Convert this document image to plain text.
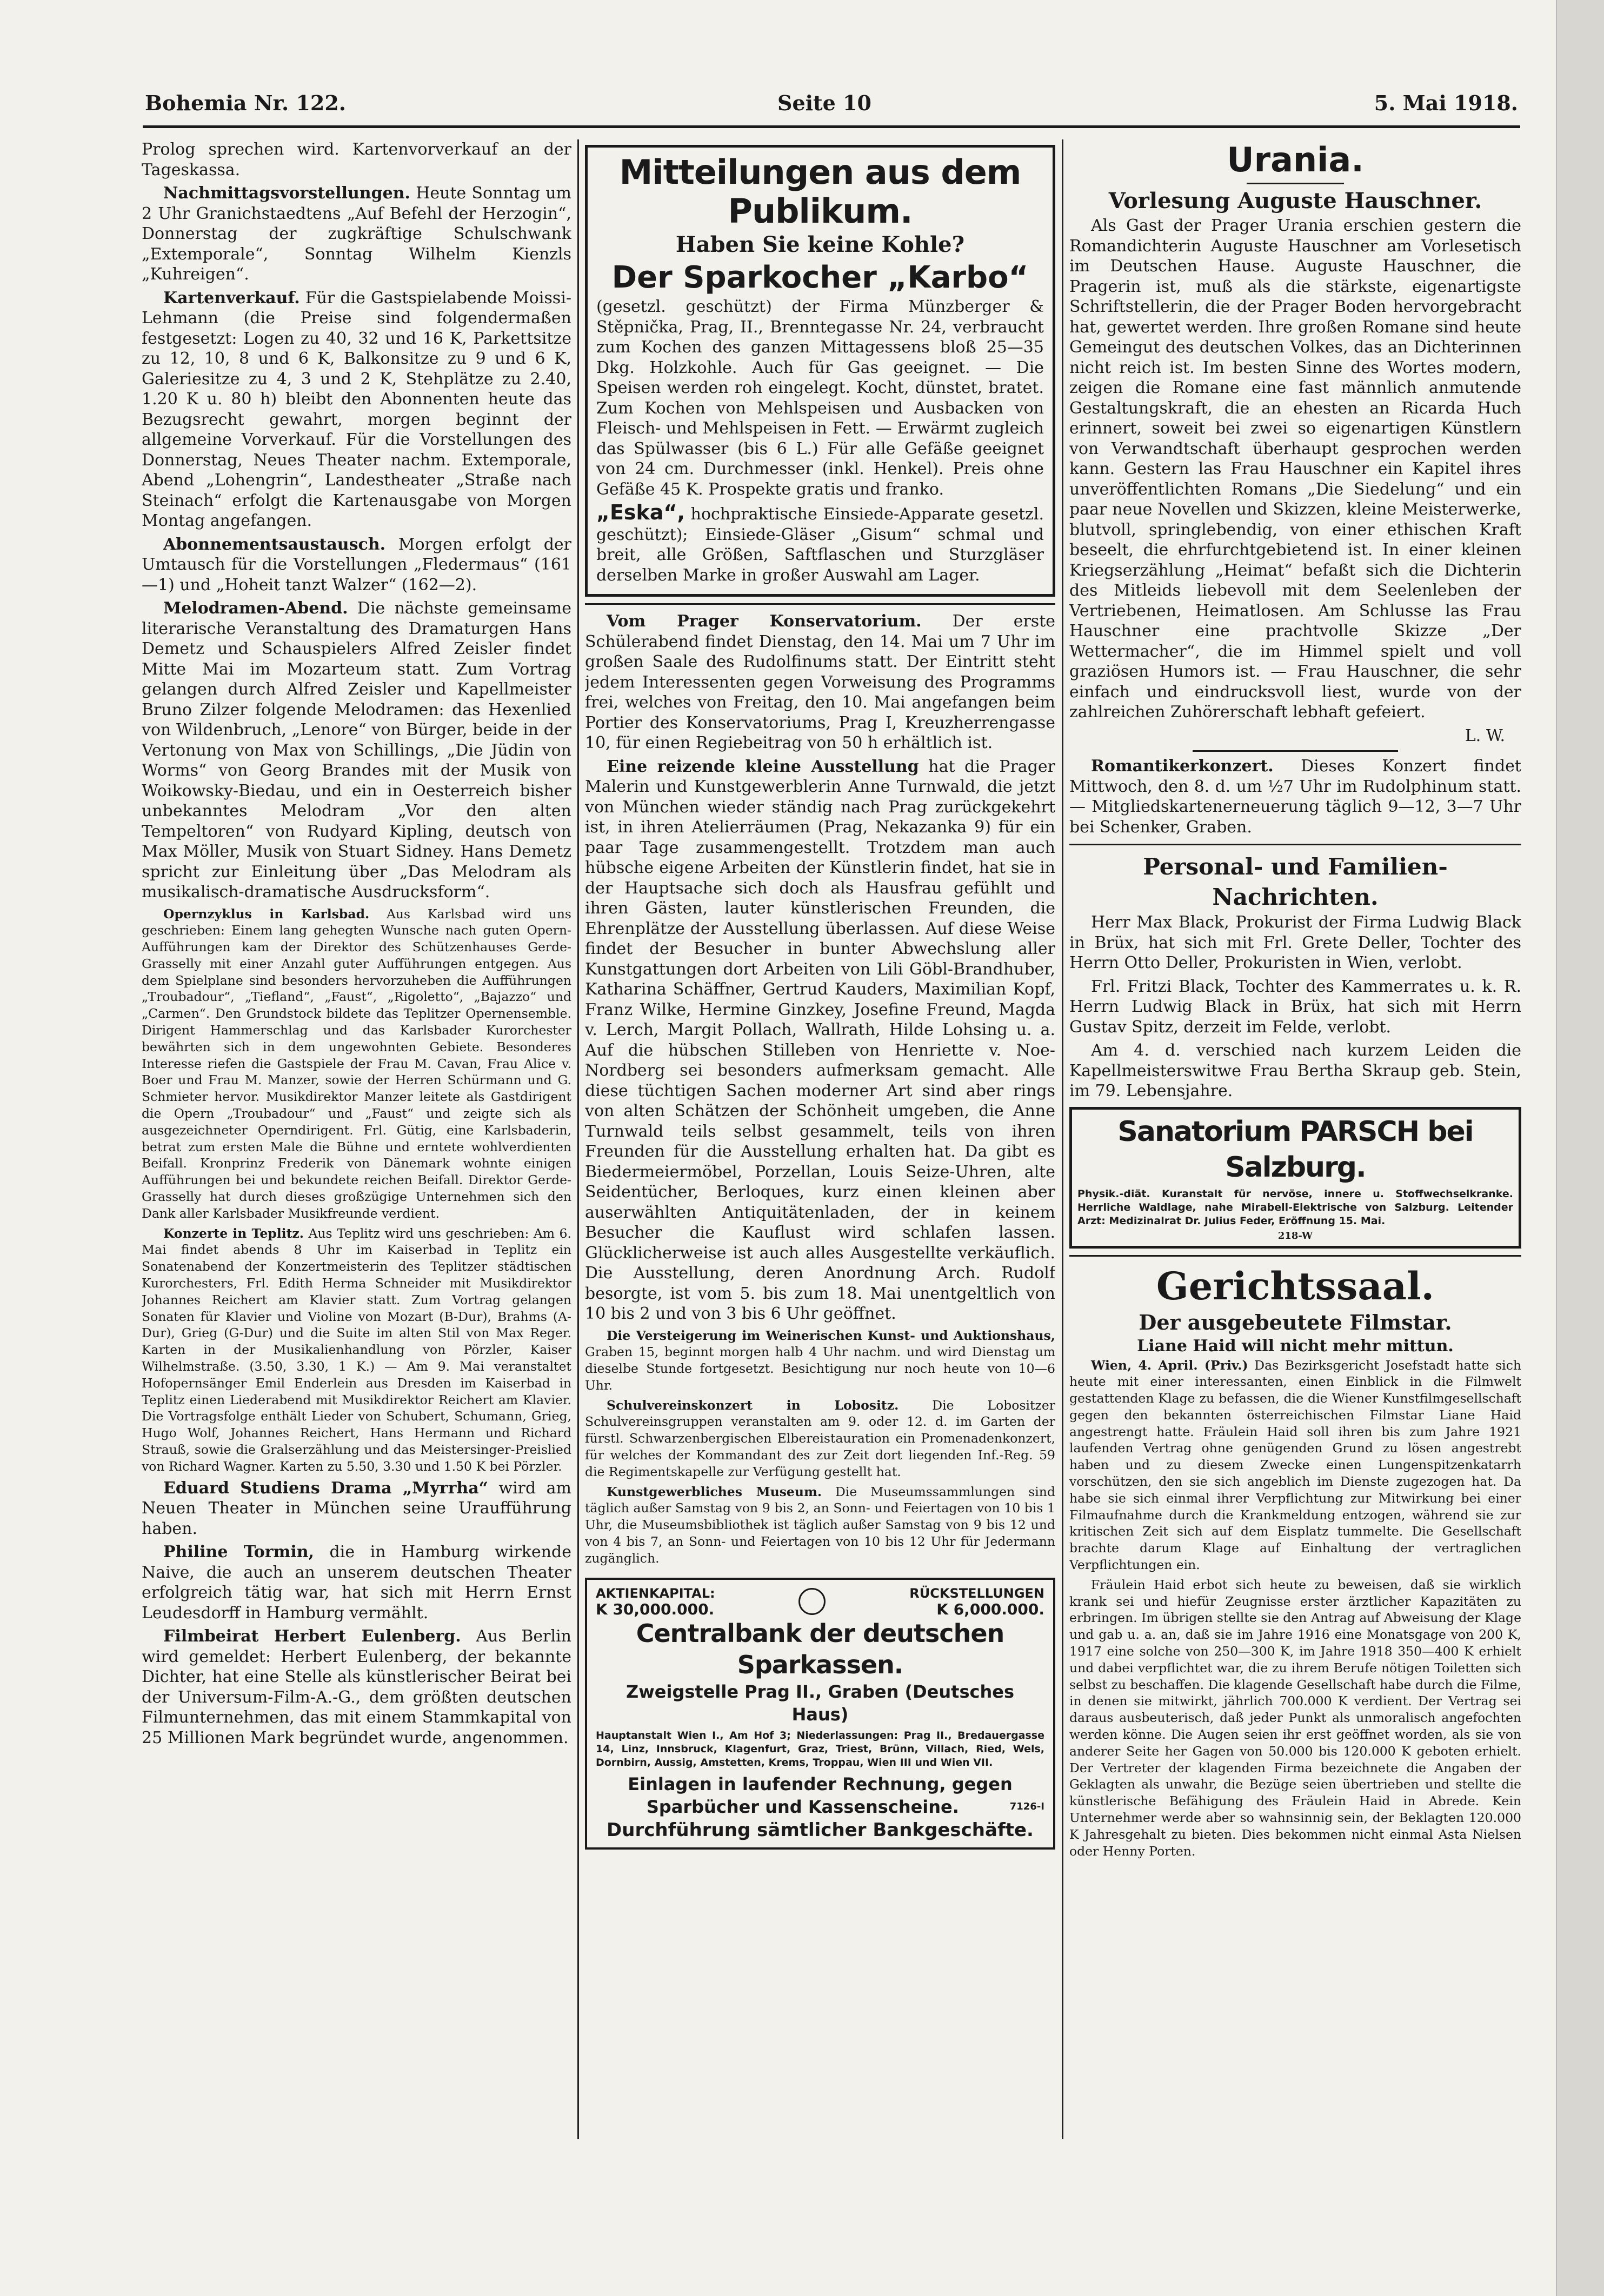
Bohemia Nr. 122.	Seite 10	5. Mai 1918.

Prolog sprechen wird. Kartenvorverkauf an der Tageskassa.

Nachmittagsvorstellungen. Heute Sonntag um 2 Uhr Granichstaedtens „Auf Befehl der Herzogin“, Donnerstag der zugkräftige Schulschwank „Extemporale“, Sonntag Wilhelm Kienzls „Kuhreigen“.

Kartenverkauf. Für die Gastspielabende Moissi-Lehmann (die Preise sind folgendermaßen festgesetzt: Logen zu 40, 32 und 16 K, Parkettsitze zu 12, 10, 8 und 6 K, Balkonsitze zu 9 und 6 K, Galeriesitze zu 4, 3 und 2 K, Stehplätze zu 2.40, 1.20 K u. 80 h) bleibt den Abonnenten heute das Bezugsrecht gewahrt, morgen beginnt der allgemeine Vorverkauf. Für die Vorstellungen des Donnerstag, Neues Theater nachm. Extemporale, Abend „Lohengrin“, Landestheater „Straße nach Steinach“ erfolgt die Kartenausgabe von Morgen Montag angefangen.

Abonnementsaustausch. Morgen erfolgt der Umtausch für die Vorstellungen „Fledermaus“ (161—1) und „Hoheit tanzt Walzer“ (162—2).

Melodramen-Abend. Die nächste gemeinsame literarische Veranstaltung des Dramaturgen Hans Demetz und Schauspielers Alfred Zeisler findet Mitte Mai im Mozarteum statt. Zum Vortrag gelangen durch Alfred Zeisler und Kapellmeister Bruno Zilzer folgende Melodramen: das Hexenlied von Wildenbruch, „Lenore“ von Bürger, beide in der Vertonung von Max von Schillings, „Die Jüdin von Worms“ von Georg Brandes mit der Musik von Woikowsky-Biedau, und ein in Oesterreich bisher unbekanntes Melodram „Vor den alten Tempeltoren“ von Rudyard Kipling, deutsch von Max Möller, Musik von Stuart Sidney. Hans Demetz spricht zur Einleitung über „Das Melodram als musikalisch-dramatische Ausdrucksform“.

Opernzyklus in Karlsbad. Aus Karlsbad wird uns geschrieben: Einem lang gehegten Wunsche nach guten Opern-Aufführungen kam der Direktor des Schützenhauses Gerde-Grasselly mit einer Anzahl guter Aufführungen entgegen. Aus dem Spielplane sind besonders hervorzuheben die Aufführungen „Troubadour“, „Tiefland“, „Faust“, „Rigoletto“, „Bajazzo“ und „Carmen“. Den Grundstock bildete das Teplitzer Opernensemble. Dirigent Hammerschlag und das Karlsbader Kurorchester bewährten sich in dem ungewohnten Gebiete. Besonderes Interesse riefen die Gastspiele der Frau M. Cavan, Frau Alice v. Boer und Frau M. Manzer, sowie der Herren Schürmann und G. Schmieter hervor. Musikdirektor Manzer leitete als Gastdirigent die Opern „Troubadour“ und „Faust“ und zeigte sich als ausgezeichneter Operndirigent. Frl. Gütig, eine Karlsbaderin, betrat zum ersten Male die Bühne und erntete wohlverdienten Beifall. Kronprinz Frederik von Dänemark wohnte einigen Aufführungen bei und bekundete reichen Beifall. Direktor Gerde-Grasselly hat durch dieses großzügige Unternehmen sich den Dank aller Karlsbader Musikfreunde verdient.

Konzerte in Teplitz. Aus Teplitz wird uns geschrieben: Am 6. Mai findet abends 8 Uhr im Kaiserbad in Teplitz ein Sonatenabend der Konzertmeisterin des Teplitzer städtischen Kurorchesters, Frl. Edith Herma Schneider mit Musikdirektor Johannes Reichert am Klavier statt. Zum Vortrag gelangen Sonaten für Klavier und Violine von Mozart (B-Dur), Brahms (A-Dur), Grieg (G-Dur) und die Suite im alten Stil von Max Reger. Karten in der Musikalienhandlung von Pörzler, Kaiser Wilhelmstraße. (3.50, 3.30, 1 K.) — Am 9. Mai veranstaltet Hofopernsänger Emil Enderlein aus Dresden im Kaiserbad in Teplitz einen Liederabend mit Musikdirektor Reichert am Klavier. Die Vortragsfolge enthält Lieder von Schubert, Schumann, Grieg, Hugo Wolf, Johannes Reichert, Hans Hermann und Richard Strauß, sowie die Gralserzählung und das Meistersinger-Preislied von Richard Wagner. Karten zu 5.50, 3.30 und 1.50 K bei Pörzler.

Eduard Studiens Drama „Myrrha“ wird am Neuen Theater in München seine Uraufführung haben.

Philine Tormin, die in Hamburg wirkende Naive, die auch an unserem deutschen Theater erfolgreich tätig war, hat sich mit Herrn Ernst Leudesdorff in Hamburg vermählt.

Filmbeirat Herbert Eulenberg. Aus Berlin wird gemeldet: Herbert Eulenberg, der bekannte Dichter, hat eine Stelle als künstlerischer Beirat bei der Universum-Film-A.-G., dem größten deutschen Filmunternehmen, das mit einem Stammkapital von 25 Millionen Mark begründet wurde, angenommen.

Mitteilungen aus dem Publikum.
Haben Sie keine Kohle?
Der Sparkocher „Karbo“

(gesetzl. geschützt) der Firma Münzberger & Stěpnička, Prag, II., Brenntegasse Nr. 24, verbraucht zum Kochen des ganzen Mittagessens bloß 25—35 Dkg. Holzkohle. Auch für Gas geeignet. — Die Speisen werden roh eingelegt. Kocht, dünstet, bratet. Zum Kochen von Mehlspeisen und Ausbacken von Fleisch- und Mehlspeisen in Fett. — Erwärmt zugleich das Spülwasser (bis 6 L.) Für alle Gefäße geeignet von 24 cm. Durchmesser (inkl. Henkel). Preis ohne Gefäße 45 K. Prospekte gratis und franko.

„Eska“, hochpraktische Einsiede-Apparate gesetzl. geschützt); Einsiede-Gläser „Gisum“ schmal und breit, alle Größen, Saftflaschen und Sturzgläser derselben Marke in großer Auswahl am Lager.

Vom Prager Konservatorium. Der erste Schülerabend findet Dienstag, den 14. Mai um 7 Uhr im großen Saale des Rudolfinums statt. Der Eintritt steht jedem Interessenten gegen Vorweisung des Programms frei, welches von Freitag, den 10. Mai angefangen beim Portier des Konservatoriums, Prag I, Kreuzherrengasse 10, für einen Regiebeitrag von 50 h erhältlich ist.

Eine reizende kleine Ausstellung hat die Prager Malerin und Kunstgewerblerin Anne Turnwald, die jetzt von München wieder ständig nach Prag zurückgekehrt ist, in ihren Atelierräumen (Prag, Nekazanka 9) für ein paar Tage zusammengestellt. Trotzdem man auch hübsche eigene Arbeiten der Künstlerin findet, hat sie in der Hauptsache sich doch als Hausfrau gefühlt und ihren Gästen, lauter künstlerischen Freunden, die Ehrenplätze der Ausstellung überlassen. Auf diese Weise findet der Besucher in bunter Abwechslung aller Kunstgattungen dort Arbeiten von Lili Göbl-Brandhuber, Katharina Schäffner, Gertrud Kauders, Maximilian Kopf, Franz Wilke, Hermine Ginzkey, Josefine Freund, Magda v. Lerch, Margit Pollach, Wallrath, Hilde Lohsing u. a. Auf die hübschen Stilleben von Henriette v. Noe-Nordberg sei besonders aufmerksam gemacht. Alle diese tüchtigen Sachen moderner Art sind aber rings von alten Schätzen der Schönheit umgeben, die Anne Turnwald teils selbst gesammelt, teils von ihren Freunden für die Ausstellung erhalten hat. Da gibt es Biedermeiermöbel, Porzellan, Louis Seize-Uhren, alte Seidentücher, Berloques, kurz einen kleinen aber auserwählten Antiquitätenladen, der in keinem Besucher die Kauflust wird schlafen lassen. Glücklicherweise ist auch alles Ausgestellte verkäuflich. Die Ausstellung, deren Anordnung Arch. Rudolf besorgte, ist vom 5. bis zum 18. Mai unentgeltlich von 10 bis 2 und von 3 bis 6 Uhr geöffnet.

Die Versteigerung im Weinerischen Kunst- und Auktionshaus, Graben 15, beginnt morgen halb 4 Uhr nachm. und wird Dienstag um dieselbe Stunde fortgesetzt. Besichtigung nur noch heute von 10—6 Uhr.

Schulvereinskonzert in Lobositz.	Die Lobositzer Schulvereinsgruppen veranstalten am 9. oder 12. d. im Garten der fürstl. Schwarzenbergischen Elbereistauration ein Promenadenkonzert, für welches der Kommandant des zur Zeit dort liegenden Inf.-Reg. 59 die Regimentskapelle zur Verfügung gestellt hat.

Kunstgewerbliches Museum. Die Museumssammlungen sind täglich außer Samstag von 9 bis 2, an Sonn- und Feiertagen von 10 bis 1 Uhr, die Museumsbibliothek ist täglich außer Samstag von 9 bis 12 und von 4 bis 7, an Sonn- und Feiertagen von 10 bis 12 Uhr für Jedermann zugänglich.

AKTIENKAPITAL:
K 30,000.000.
RÜCKSTELLUNGEN
K 6,000.000.
Centralbank der deutschen Sparkassen.
Zweigstelle Prag II., Graben (Deutsches Haus)

Hauptanstalt Wien I., Am Hof 3; Niederlassungen: Prag II., Bredauergasse 14, Linz, Innsbruck, Klagenfurt, Graz, Triest, Brünn, Villach, Ried, Wels, Dornbirn, Aussig, Amstetten, Krems, Troppau, Wien III und Wien VII.

Einlagen in laufender Rechnung, gegen
Sparbücher und Kassenscheine.	7126-I
Durchführung sämtlicher Bankgeschäfte.
Urania.
Vorlesung Auguste Hauschner.

Als Gast der Prager Urania erschien gestern die Romandichterin Auguste Hauschner am Vorlesetisch im Deutschen Hause. Auguste Hauschner, die Pragerin ist, muß als die stärkste, eigenartigste Schriftstellerin, die der Prager Boden hervorgebracht hat, gewertet werden. Ihre großen Romane sind heute Gemeingut des deutschen Volkes, das an Dichterinnen nicht reich ist. Im besten Sinne des Wortes modern, zeigen die Romane eine fast männlich anmutende Gestaltungskraft, die an ehesten an Ricarda Huch erinnert, soweit bei zwei so eigenartigen Künstlern von Verwandtschaft überhaupt gesprochen werden kann. Gestern las Frau Hauschner ein Kapitel ihres unveröffentlichten Romans „Die Siedelung“ und ein paar neue Novellen und Skizzen, kleine Meisterwerke, blutvoll, springlebendig, von einer ethischen Kraft beseelt, die ehrfurchtgebietend ist. In einer kleinen Kriegserzählung „Heimat“ befaßt sich die Dichterin des Mitleids liebevoll mit dem Seelenleben der Vertriebenen, Heimatlosen. Am Schlusse las Frau Hauschner eine prachtvolle Skizze „Der Wettermacher“, die im Himmel spielt und voll graziösen Humors ist. — Frau Hauschner, die sehr einfach und eindrucksvoll liest, wurde von der zahlreichen Zuhörerschaft lebhaft gefeiert.

L. W.

Romantikerkonzert. Dieses Konzert findet Mittwoch, den 8. d. um ½7 Uhr im Rudolphinum statt. — Mitgliedskartenerneuerung täglich 9—12, 3—7 Uhr bei Schenker, Graben.

Personal- und Familien-Nachrichten.

Herr Max Black, Prokurist der Firma Ludwig Black in Brüx, hat sich mit Frl. Grete Deller, Tochter des Herrn Otto Deller, Prokuristen in Wien, verlobt.

Frl. Fritzi Black, Tochter des Kammerrates u. k. R. Herrn Ludwig Black in Brüx, hat sich mit Herrn Gustav Spitz, derzeit im Felde, verlobt.

Am 4. d. verschied nach kurzem Leiden die Kapellmeisterswitwe Frau Bertha Skraup geb. Stein, im 79. Lebensjahre.

Sanatorium PARSCH bei Salzburg.

Physik.-diät. Kuranstalt für nervöse, innere u. Stoffwechselkranke. Herrliche Waldlage, nahe Mirabell-Elektrische von Salzburg. Leitender Arzt: Medizinalrat Dr. Julius Feder, Eröffnung 15. Mai.

218-W
Gerichtssaal.
Der ausgebeutete Filmstar.
Liane Haid will nicht mehr mittun.

Wien, 4. April. (Priv.) Das Bezirksgericht Josefstadt hatte sich heute mit einer interessanten, einen Einblick in die Filmwelt gestattenden Klage zu befassen, die die Wiener Kunstfilmgesellschaft gegen den bekannten österreichischen Filmstar Liane Haid angestrengt hatte. Fräulein Haid soll ihren bis zum Jahre 1921 laufenden Vertrag ohne genügenden Grund zu lösen angestrebt haben und zu diesem Zwecke einen Lungenspitzenkatarrh vorschützen, den sie sich angeblich im Dienste zugezogen hat. Da habe sie sich einmal ihrer Verpflichtung zur Mitwirkung bei einer Filmaufnahme durch die Krankmeldung entzogen, während sie zur kritischen Zeit sich auf dem Eisplatz tummelte. Die Gesellschaft brachte darum Klage auf Einhaltung der vertraglichen Verpflichtungen ein.

Fräulein Haid erbot sich heute zu beweisen, daß sie wirklich krank sei und hiefür Zeugnisse erster ärztlicher Kapazitäten zu erbringen. Im übrigen stellte sie den Antrag auf Abweisung der Klage und gab u. a. an, daß sie im Jahre 1916 eine Monatsgage von 200 K, 1917 eine solche von 250—300 K, im Jahre 1918 350—400 K erhielt und dabei verpflichtet war, die zu ihrem Berufe nötigen Toiletten sich selbst zu beschaffen. Die klagende Gesellschaft habe durch die Filme, in denen sie mitwirkt, jährlich 700.000 K verdient. Der Vertrag sei daraus ausbeuterisch, daß jeder Punkt als unmoralisch angefochten werden könne. Die Augen seien ihr erst geöffnet worden, als sie von anderer Seite her Gagen von 50.000 bis 120.000 K geboten erhielt. Der Vertreter der klagenden Firma bezeichnete die Angaben der Geklagten als unwahr, die Bezüge seien übertrieben und stellte die künstlerische Befähigung des Fräulein Haid in Abrede. Kein Unternehmer werde aber so wahnsinnig sein, der Beklagten 120.000 K Jahresgehalt zu bieten. Dies bekommen nicht einmal Asta Nielsen oder Henny Porten.
